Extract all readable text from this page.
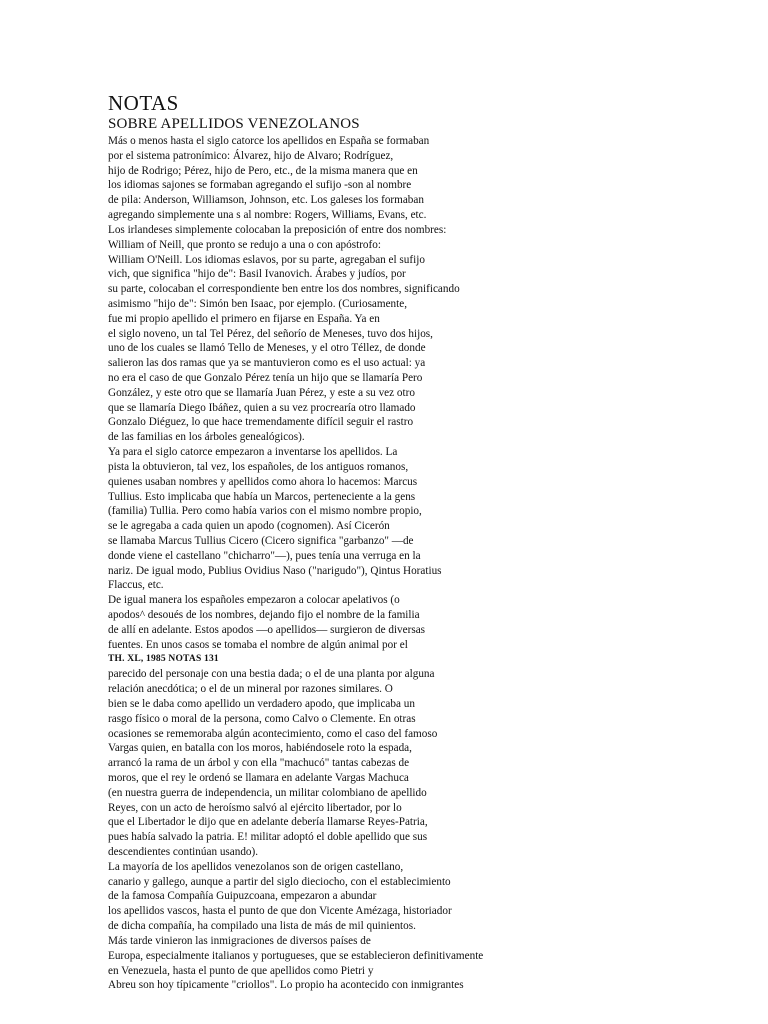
NOTAS
SOBRE APELLIDOS VENEZOLANOS
Más o menos hasta el siglo catorce los apellidos en España se formaban
por el sistema patronímico: Álvarez, hijo de Alvaro; Rodríguez,
hijo de Rodrigo; Pérez, hijo de Pero, etc., de la misma manera que en
los idiomas sajones se formaban agregando el sufijo -son al nombre
de pila: Anderson, Williamson, Johnson, etc. Los galeses los formaban
agregando simplemente una s al nombre: Rogers, Williams, Evans, etc.
Los irlandeses simplemente colocaban la preposición of entre dos nombres:
William of Neill, que pronto se redujo a una o con apóstrofo:
William O'Neill. Los idiomas eslavos, por su parte, agregaban el sufijo
vich, que significa "hijo de": Basil Ivanovich. Árabes y judíos, por
su parte, colocaban el correspondiente ben entre los dos nombres, significando
asimismo "hijo de": Simón ben Isaac, por ejemplo. (Curiosamente,
fue mi propio apellido el primero en fijarse en España. Ya en
el siglo noveno, un tal Tel Pérez, del señorío de Meneses, tuvo dos hijos,
uno de los cuales se llamó Tello de Meneses, y el otro Téllez, de donde
salieron las dos ramas que ya se mantuvieron como es el uso actual: ya
no era el caso de que Gonzalo Pérez tenía un hijo que se llamaría Pero
González, y este otro que se llamaría Juan Pérez, y este a su vez otro
que se llamaría Diego Ibáñez, quien a su vez procrearía otro llamado
Gonzalo Diéguez, lo que hace tremendamente difícil seguir el rastro
de las familias en los árboles genealógicos).
Ya para el siglo catorce empezaron a inventarse los apellidos. La
pista la obtuvieron, tal vez, los españoles, de los antiguos romanos,
quienes usaban nombres y apellidos como ahora lo hacemos: Marcus
Tullius. Esto implicaba que había un Marcos, perteneciente a la gens
(familia) Tullia. Pero como había varios con el mismo nombre propio,
se le agregaba a cada quien un apodo (cognomen). Así Cicerón
se llamaba Marcus Tullius Cicero (Cicero significa "garbanzo" —de
donde viene el castellano "chicharro"—), pues tenía una verruga en la
nariz. De igual modo, Publius Ovidius Naso ("narigudo"), Qintus Horatius
Flaccus, etc.
De igual manera los españoles empezaron a colocar apelativos (o
apodos^ desoués de los nombres, dejando fijo el nombre de la familia
de allí en adelante. Estos apodos —o apellidos— surgieron de diversas
fuentes. En unos casos se tomaba el nombre de algún animal por el
TH. XL, 1985 NOTAS 131
parecido del personaje con una bestia dada; o el de una planta por alguna
relación anecdótica; o el de un mineral por razones similares. O
bien se le daba como apellido un verdadero apodo, que implicaba un
rasgo físico o moral de la persona, como Calvo o Clemente. En otras
ocasiones se rememoraba algún acontecimiento, como el caso del famoso
Vargas quien, en batalla con los moros, habiéndosele roto la espada,
arrancó la rama de un árbol y con ella "machucó" tantas cabezas de
moros, que el rey le ordenó se llamara en adelante Vargas Machuca
(en nuestra guerra de independencia, un militar colombiano de apellido
Reyes, con un acto de heroísmo salvó al ejército libertador, por lo
que el Libertador le dijo que en adelante debería llamarse Reyes-Patria,
pues había salvado la patria. E! militar adoptó el doble apellido que sus
descendientes continúan usando).
La mayoría de los apellidos venezolanos son de origen castellano,
canario y gallego, aunque a partir del siglo dieciocho, con el establecimiento
de la famosa Compañía Guipuzcoana, empezaron a abundar
los apellidos vascos, hasta el punto de que don Vicente Amézaga, historiador
de dicha compañía, ha compilado una lista de más de mil quinientos.
Más tarde vinieron las inmigraciones de diversos países de
Europa, especialmente italianos y portugueses, que se establecieron definitivamente
en Venezuela, hasta el punto de que apellidos como Pietri y
Abreu son hoy típicamente "criollos". Lo propio ha acontecido con inmigrantes
